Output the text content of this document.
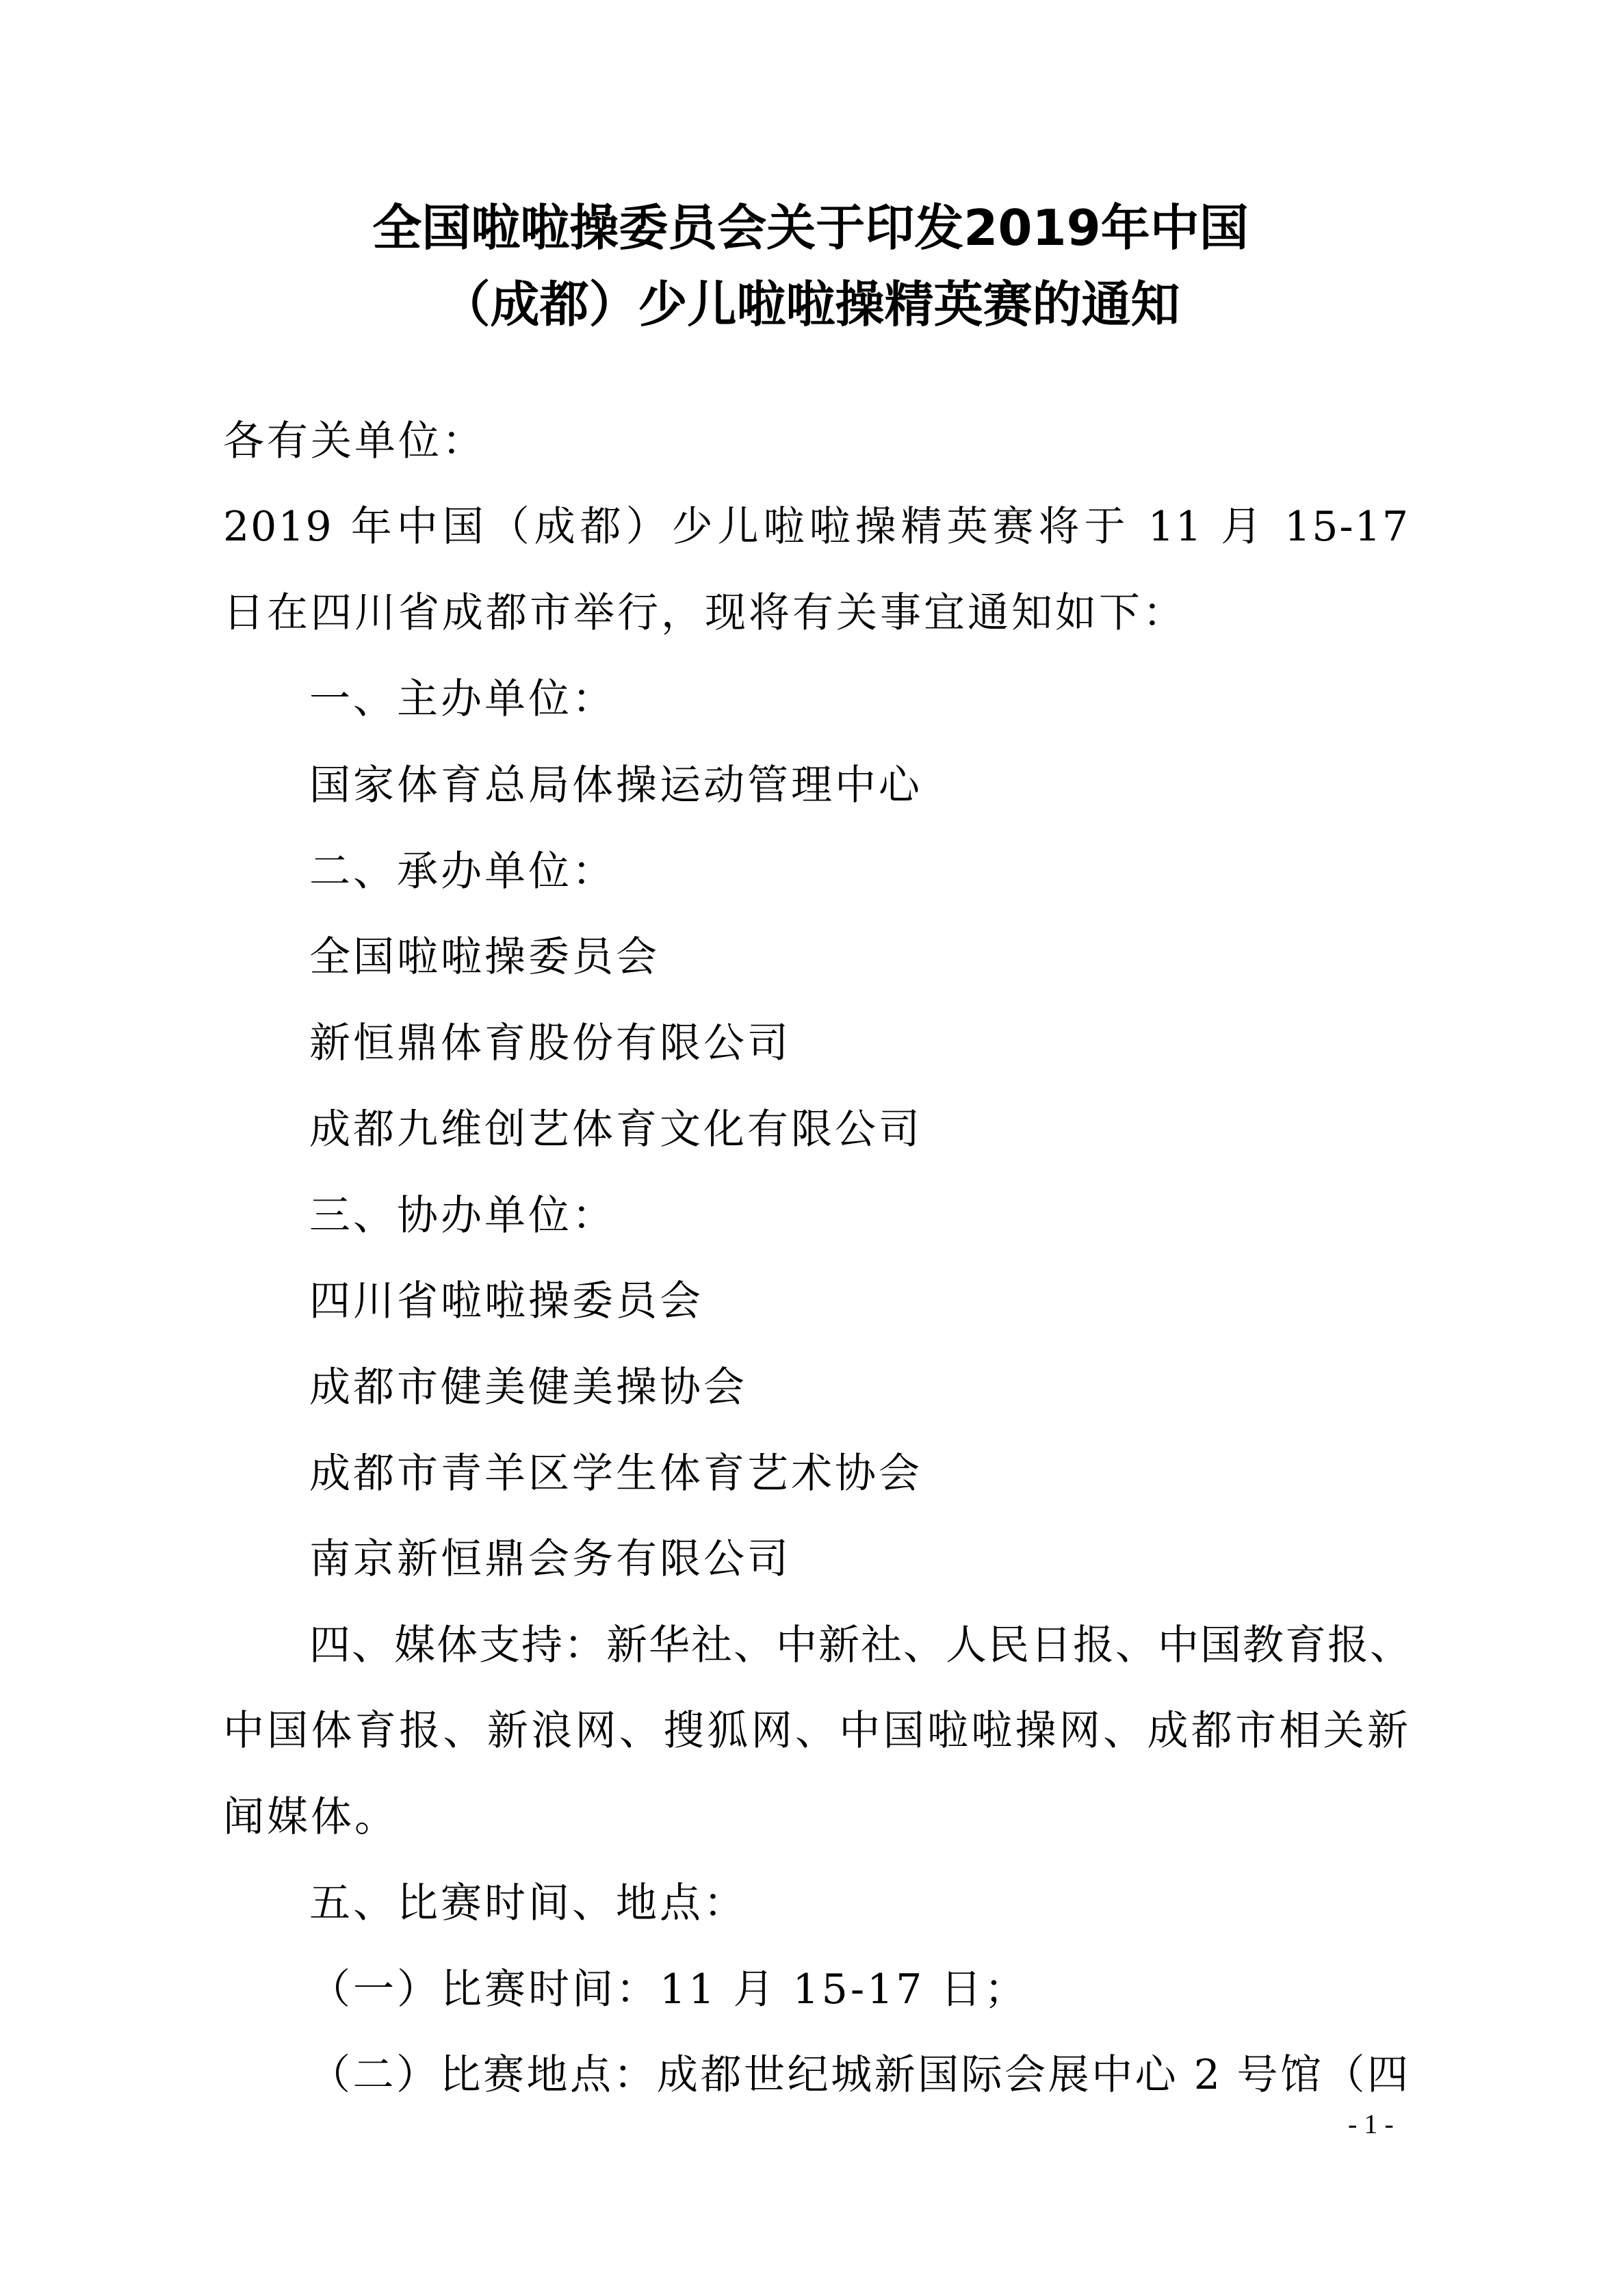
全国啦啦操委员会关于印发2019年中国
（成都）少儿啦啦操精英赛的通知
各有关单位：
2019 年中国（成都）少儿啦啦操精英赛将于 11 月 15-17
日在四川省成都市举行，现将有关事宜通知如下：
一、主办单位：
国家体育总局体操运动管理中心
二、承办单位：
全国啦啦操委员会
新恒鼎体育股份有限公司
成都九维创艺体育文化有限公司
三、协办单位：
四川省啦啦操委员会
成都市健美健美操协会
成都市青羊区学生体育艺术协会
南京新恒鼎会务有限公司
四、媒体支持：新华社、中新社、人民日报、中国教育报、
中国体育报、新浪网、搜狐网、中国啦啦操网、成都市相关新
闻媒体。
五、比赛时间、地点：
（一）比赛时间：11 月 15-17 日；
（二）比赛地点：成都世纪城新国际会展中心 2 号馆（四
- 1 -
